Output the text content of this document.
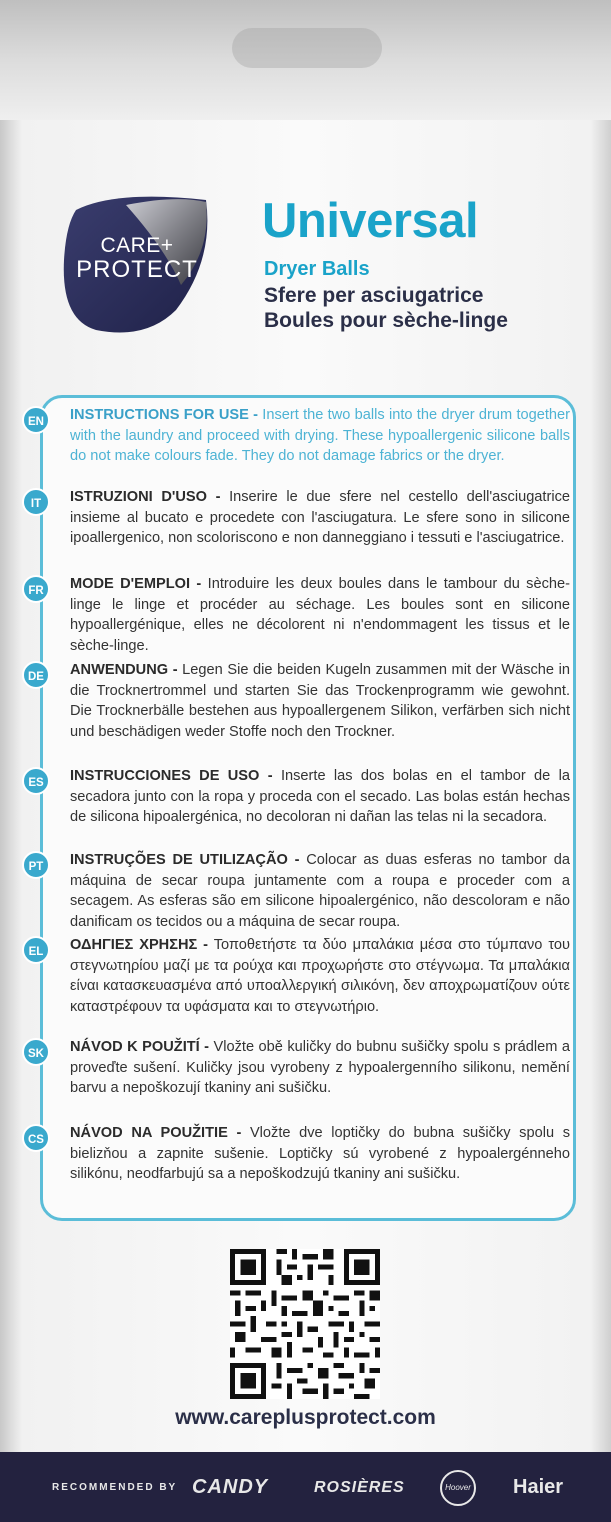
CARE+
PROTECT
Universal
Dryer Balls
Sfere per asciugatrice
Boules pour sèche-linge
EN	INSTRUCTIONS FOR USE - Insert the two balls into the dryer drum together with the laundry and proceed with drying. These hypoallergenic silicone balls do not make colours fade. They do not damage fabrics or the dryer.

IT	ISTRUZIONI D'USO - Inserire le due sfere nel cestello dell'asciugatrice insieme al bucato e procedete con l'asciugatura. Le sfere sono in silicone ipoallergenico, non scoloriscono e non danneggiano i tessuti e l'asciugatrice.

FR	MODE D'EMPLOI - Introduire les deux boules dans le tambour du sèche-linge le linge et procéder au séchage. Les boules sont en silicone hypoallergénique, elles ne décolorent ni n'endommagent les tissus et le sèche-linge.

DE	ANWENDUNG - Legen Sie die beiden Kugeln zusammen mit der Wäsche in die Trocknertrommel und starten Sie das Trockenprogramm wie gewohnt. Die Trocknerbälle bestehen aus hypoallergenem Silikon, verfärben sich nicht und beschädigen weder Stoffe noch den Trockner.

ES	INSTRUCCIONES DE USO - Inserte las dos bolas en el tambor de la secadora junto con la ropa y proceda con el secado. Las bolas están hechas de silicona hipoalergénica, no decoloran ni dañan las telas ni la secadora.

PT	INSTRUÇÕES DE UTILIZAÇÃO - Colocar as duas esferas no tambor da máquina de secar roupa juntamente com a roupa e proceder com a secagem. As esferas são em silicone hipoalergénico, não descoloram e não danificam os tecidos ou a máquina de secar roupa.

EL	ΟΔΗΓΙΕΣ ΧΡΗΣΗΣ - Τοποθετήστε τα δύο μπαλάκια μέσα στο τύμπανο του στεγνωτηρίου μαζί με τα ρούχα και προχωρήστε στο στέγνωμα. Τα μπαλάκια είναι κατασκευασμένα από υποαλλεργική σιλικόνη, δεν αποχρωματίζουν ούτε καταστρέφουν τα υφάσματα και το στεγνωτήριο.

SK	NÁVOD K POUŽITÍ - Vložte obě kuličky do bubnu sušičky spolu s prádlem a proveďte sušení. Kuličky jsou vyrobeny z hypoalergenního silikonu, nemění barvu a nepoškozují tkaniny ani sušičku.

CS	NÁVOD NA POUŽITIE - Vložte dve loptičky do bubna sušičky spolu s bielizňou a zapnite sušenie. Loptičky sú vyrobené z hypoalergénneho silikónu, neodfarbujú sa a nepoškodzujú tkaniny ani sušičku.

www.careplusprotect.com
RECOMMENDED BY CANDY	ROSIÈRES	Hoover Haier
